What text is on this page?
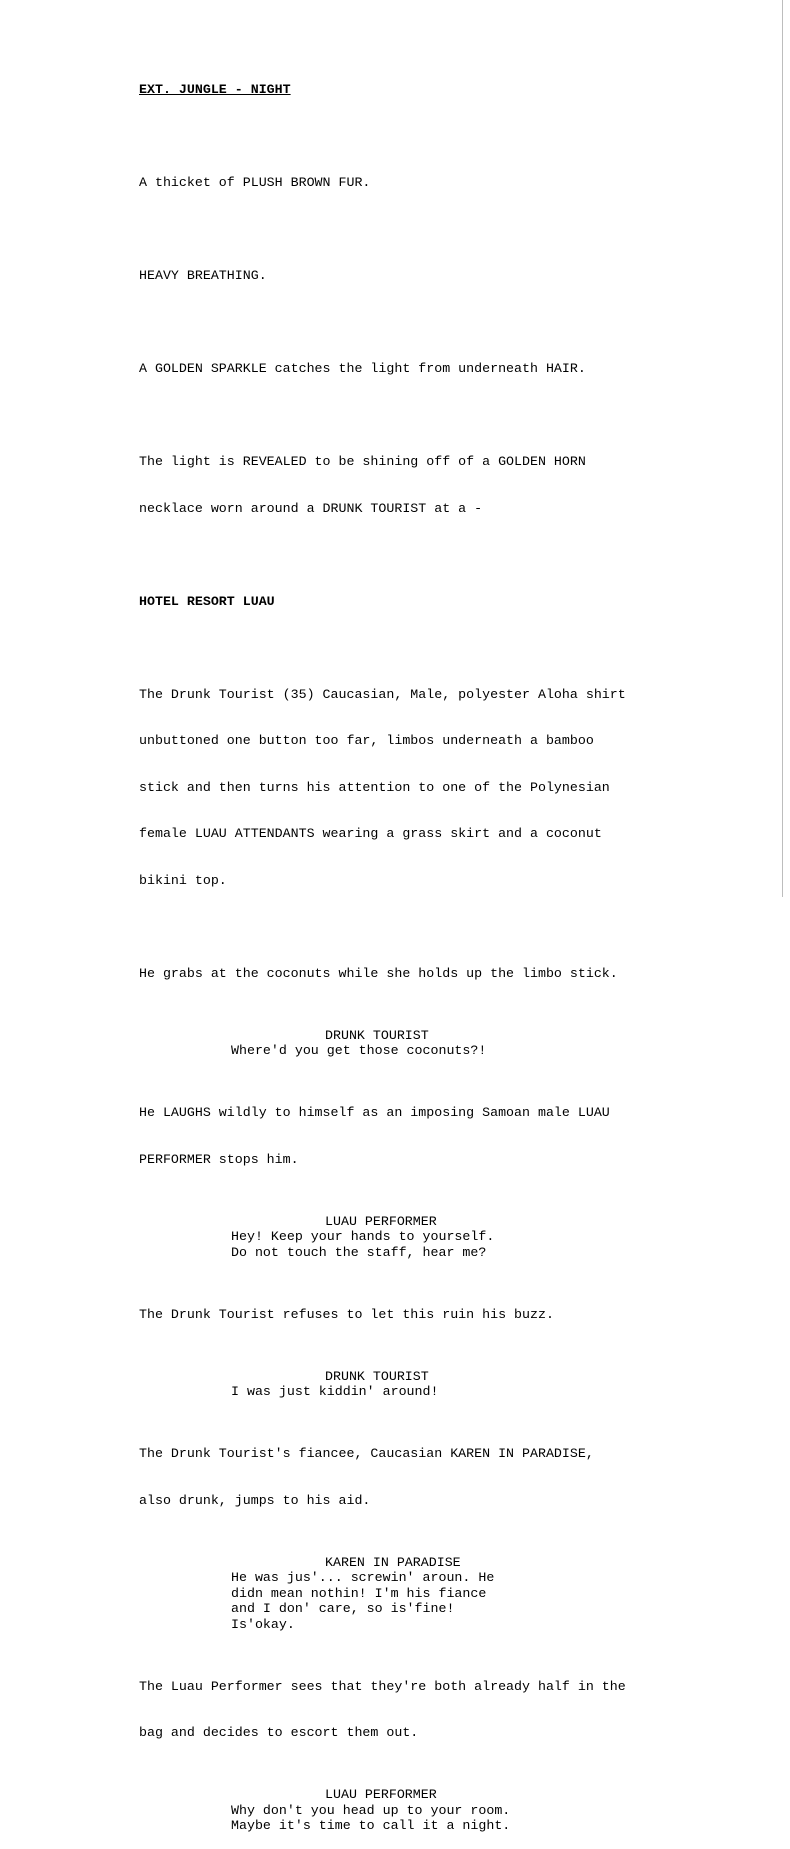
EXT. JUNGLE - NIGHT

A thicket of PLUSH BROWN FUR.

HEAVY BREATHING.

A GOLDEN SPARKLE catches the light from underneath HAIR.

The light is REVEALED to be shining off of a GOLDEN HORN

necklace worn around a DRUNK TOURIST at a -

HOTEL RESORT LUAU

The Drunk Tourist (35) Caucasian, Male, polyester Aloha shirt

unbuttoned one button too far, limbos underneath a bamboo

stick and then turns his attention to one of the Polynesian

female LUAU ATTENDANTS wearing a grass skirt and a coconut

bikini top.

He grabs at the coconuts while she holds up the limbo stick.

DRUNK TOURIST
Where'd you get those coconuts?!

He LAUGHS wildly to himself as an imposing Samoan male LUAU

PERFORMER stops him.

LUAU PERFORMER
Hey! Keep your hands to yourself.
Do not touch the staff, hear me?

The Drunk Tourist refuses to let this ruin his buzz.

DRUNK TOURIST
I was just kiddin' around!

The Drunk Tourist's fiancee, Caucasian KAREN IN PARADISE,

also drunk, jumps to his aid.

KAREN IN PARADISE
He was jus'... screwin' aroun. He
didn mean nothin! I'm his fiance
and I don' care, so is'fine!
Is'okay.

The Luau Performer sees that they're both already half in the

bag and decides to escort them out.

LUAU PERFORMER
Why don't you head up to your room.
Maybe it's time to call it a night.
